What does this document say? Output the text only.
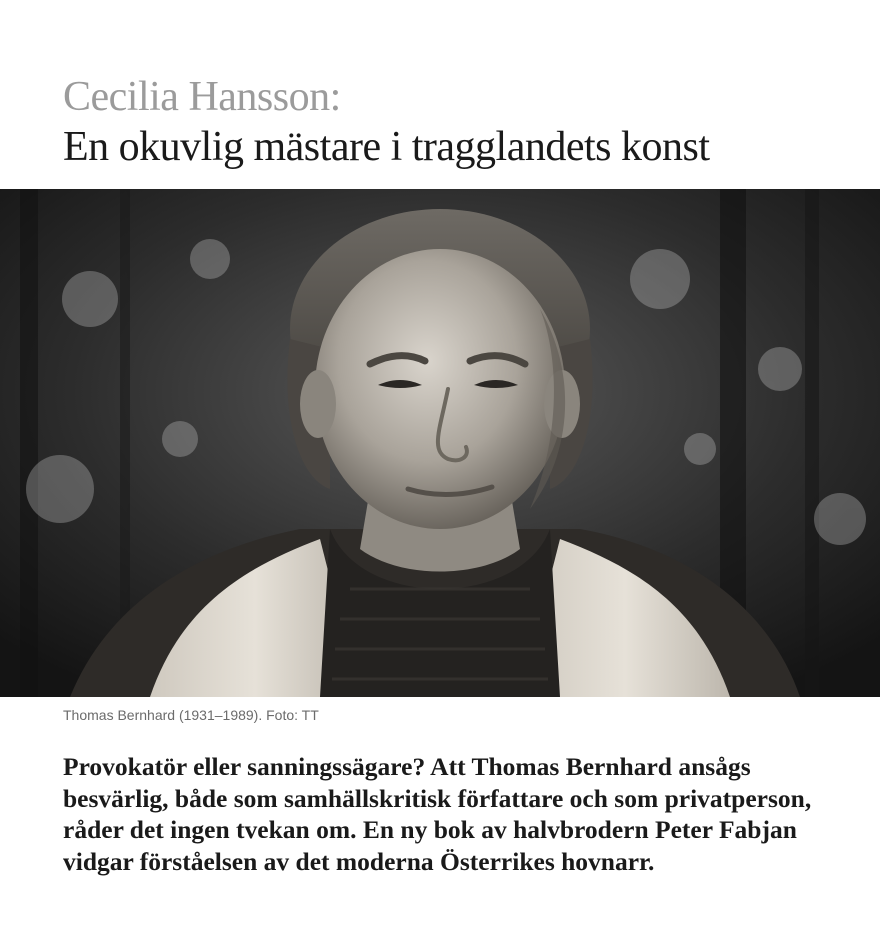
Cecilia Hansson:
En okuvlig mästare i tragglandets konst
Thomas Bernhard (1931–1989). Foto: TT

Provokatör eller sanningssägare? Att Thomas Bernhard ansågs besvärlig, både som samhällskritisk författare och som privatperson, råder det ingen tvekan om. En ny bok av halvbrodern Peter Fabjan vidgar förståelsen av det moderna Österrikes hovnarr.
